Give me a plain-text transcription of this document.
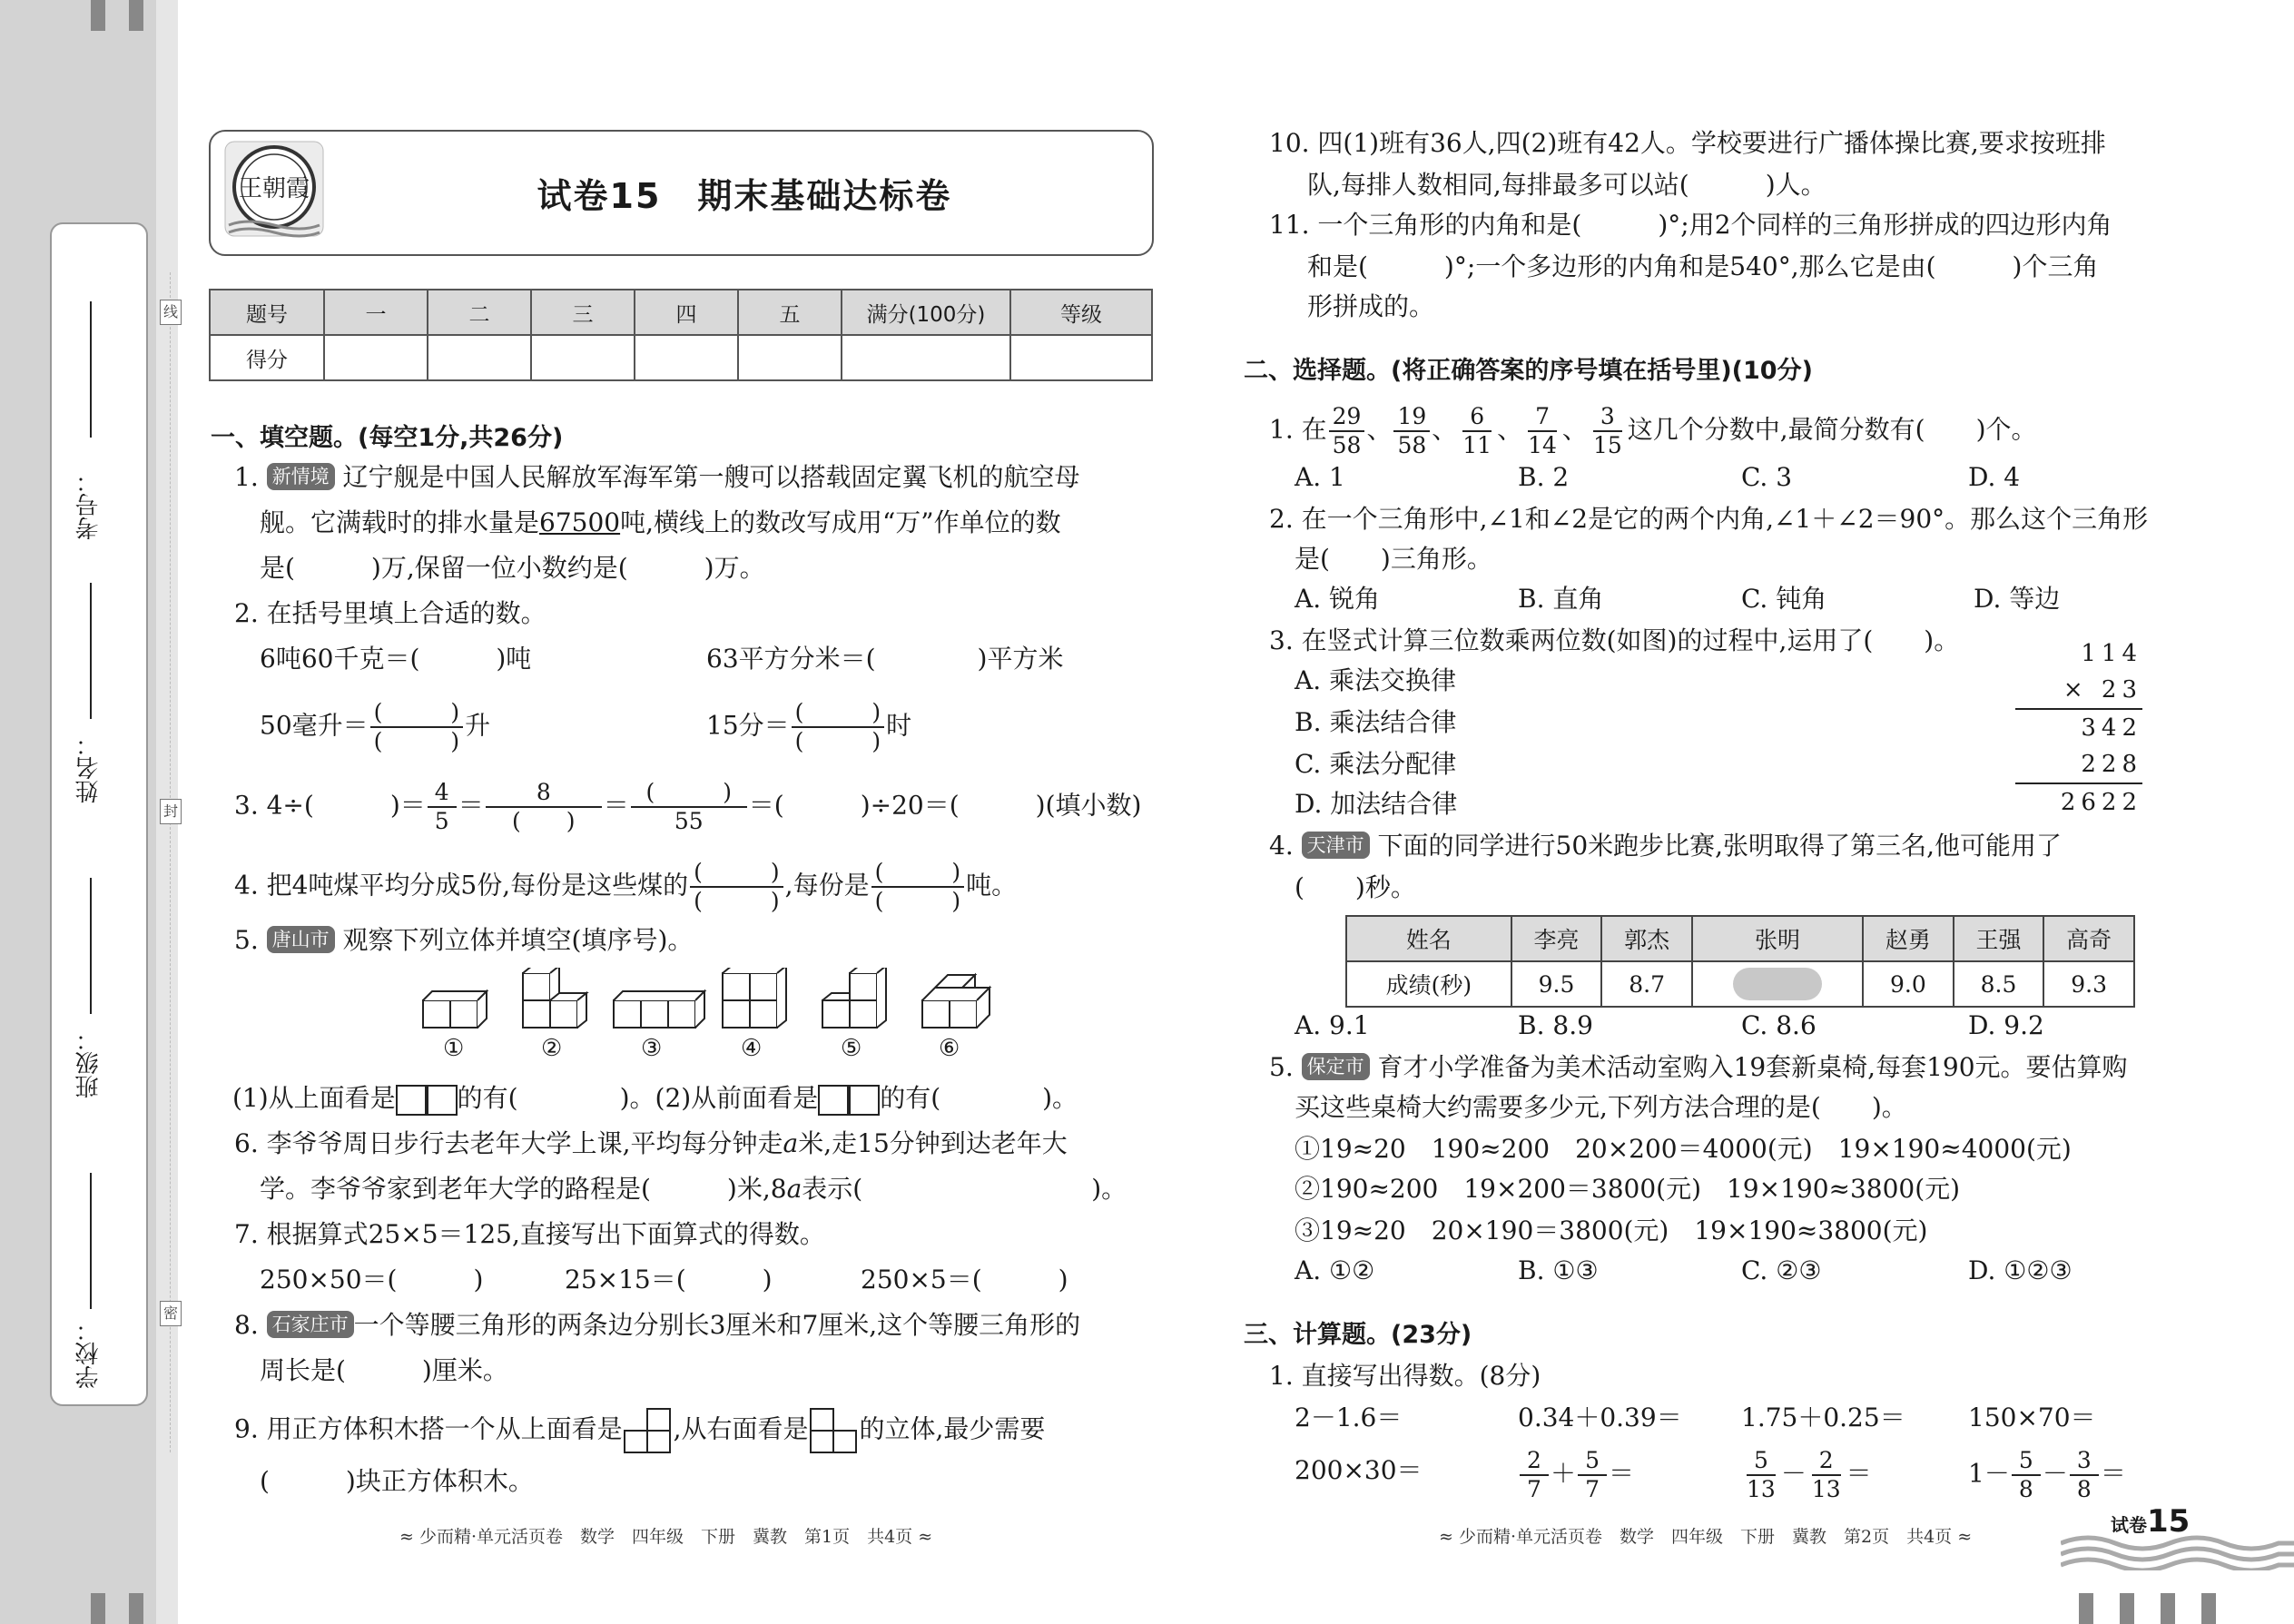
线
封
密
考号：
姓名：
班级：
学校：
王朝霞	试卷15　期末基础达标卷
题号	一	二	三	四	五	满分(100分)	等级
得分							
一、填空题。(每空1分,共26分)
1. 新情境 辽宁舰是中国人民解放军海军第一艘可以搭载固定翼飞机的航空母
舰。它满载时的排水量是67500吨,横线上的数改写成用“万”作单位的数
是(　　　)万,保留一位小数约是(　　　)万。
2. 在括号里填上合适的数。
6吨60千克＝(　　　)吨	63平方分米＝(　　　　)平方米
50毫升＝ $\frac{( )}{( )}$ 升	15分＝ $\frac{( )}{( )}$ 时
3. 4÷(　　　)＝ $\frac{4}{5} = \frac{8}{( )} = \frac{( )}{55}$ ＝(　　　)÷20＝(　　　)(填小数)
4. 把4吨煤平均分成5份,每份是这些煤的 $\frac{( )}{( )}$ ,每份是 $\frac{( )}{( )}$ 吨。
5. 唐山市 观察下列立体并填空(填序号)。
①	②	③	④	⑤	⑥
(1)从上面看是 的有(　　　　)。(2)从前面看是 的有(　　　　)。
6. 李爷爷周日步行去老年大学上课,平均每分钟走a米,走15分钟到达老年大
学。李爷爷家到老年大学的路程是(　　　)米,8a表示(　　　　　　　　　)。
7. 根据算式25×5＝125,直接写出下面算式的得数。
250×50＝(　　　)	25×15＝(　　　)	250×5＝(　　　)
8. 石家庄市 一个等腰三角形的两条边分别长3厘米和7厘米,这个等腰三角形的
周长是(　　　)厘米。
9. 用正方体积木搭一个从上面看是 ,从右面看是 的立体,最少需要
(　　　)块正方体积木。
≈ 少而精·单元活页卷　数学　四年级　下册　冀教　第1页　共4页 ≈
10. 四(1)班有36人,四(2)班有42人。学校要进行广播体操比赛,要求按班排
队,每排人数相同,每排最多可以站(　　　)人。
11. 一个三角形的内角和是(　　　)°;用2个同样的三角形拼成的四边形内角
和是(　　　)°;一个多边形的内角和是540°,那么它是由(　　　)个三角
形拼成的。
二、选择题。(将正确答案的序号填在括号里)(10分)
1. 在 $\frac{29}{58}$ 、 $\frac{19}{58}$ 、 $\frac{6}{11}$ 、 $\frac{7}{14}$ 、 $\frac{3}{15}$ 这几个分数中,最简分数有(　　)个。
A. 1	B. 2	C. 3	D. 4
2. 在一个三角形中,∠1和∠2是它的两个内角,∠1＋∠2＝90°。那么这个三角形
是(　　)三角形。
A. 锐角	B. 直角	C. 钝角	D. 等边
3. 在竖式计算三位数乘两位数(如图)的过程中,运用了(　　)。
A. 乘法交换律
B. 乘法结合律
C. 乘法分配律
D. 加法结合律
114
× 23
342
228
2622
4. 天津市 下面的同学进行50米跑步比赛,张明取得了第三名,他可能用了
(　　)秒。
姓名	李亮	郭杰	张明	赵勇	王强	高奇
成绩(秒)	9.5	8.7		9.0	8.5	9.3
A. 9.1	B. 8.9	C. 8.6	D. 9.2
5. 保定市 育才小学准备为美术活动室购入19套新桌椅,每套190元。要估算购
买这些桌椅大约需要多少元,下列方法合理的是(　　)。
①19≈20　190≈200　20×200＝4000(元)　19×190≈4000(元)
②190≈200　19×200＝3800(元)　19×190≈3800(元)
③19≈20　20×190＝3800(元)　19×190≈3800(元)
A. ①②	B. ①③	C. ②③	D. ①②③
三、计算题。(23分)
1. 直接写出得数。(8分)
2－1.6＝	0.34＋0.39＝ 1.75＋0.25＝ 150×70＝
200×30＝	$\frac{2}{7} + \frac{5}{7}$ ＝	$\frac{5}{13} - \frac{2}{13}$ ＝	$1- \frac{5}{8} - \frac{3}{8}$ ＝
≈ 少而精·单元活页卷　数学　四年级　下册　冀教　第2页　共4页 ≈
试卷15
